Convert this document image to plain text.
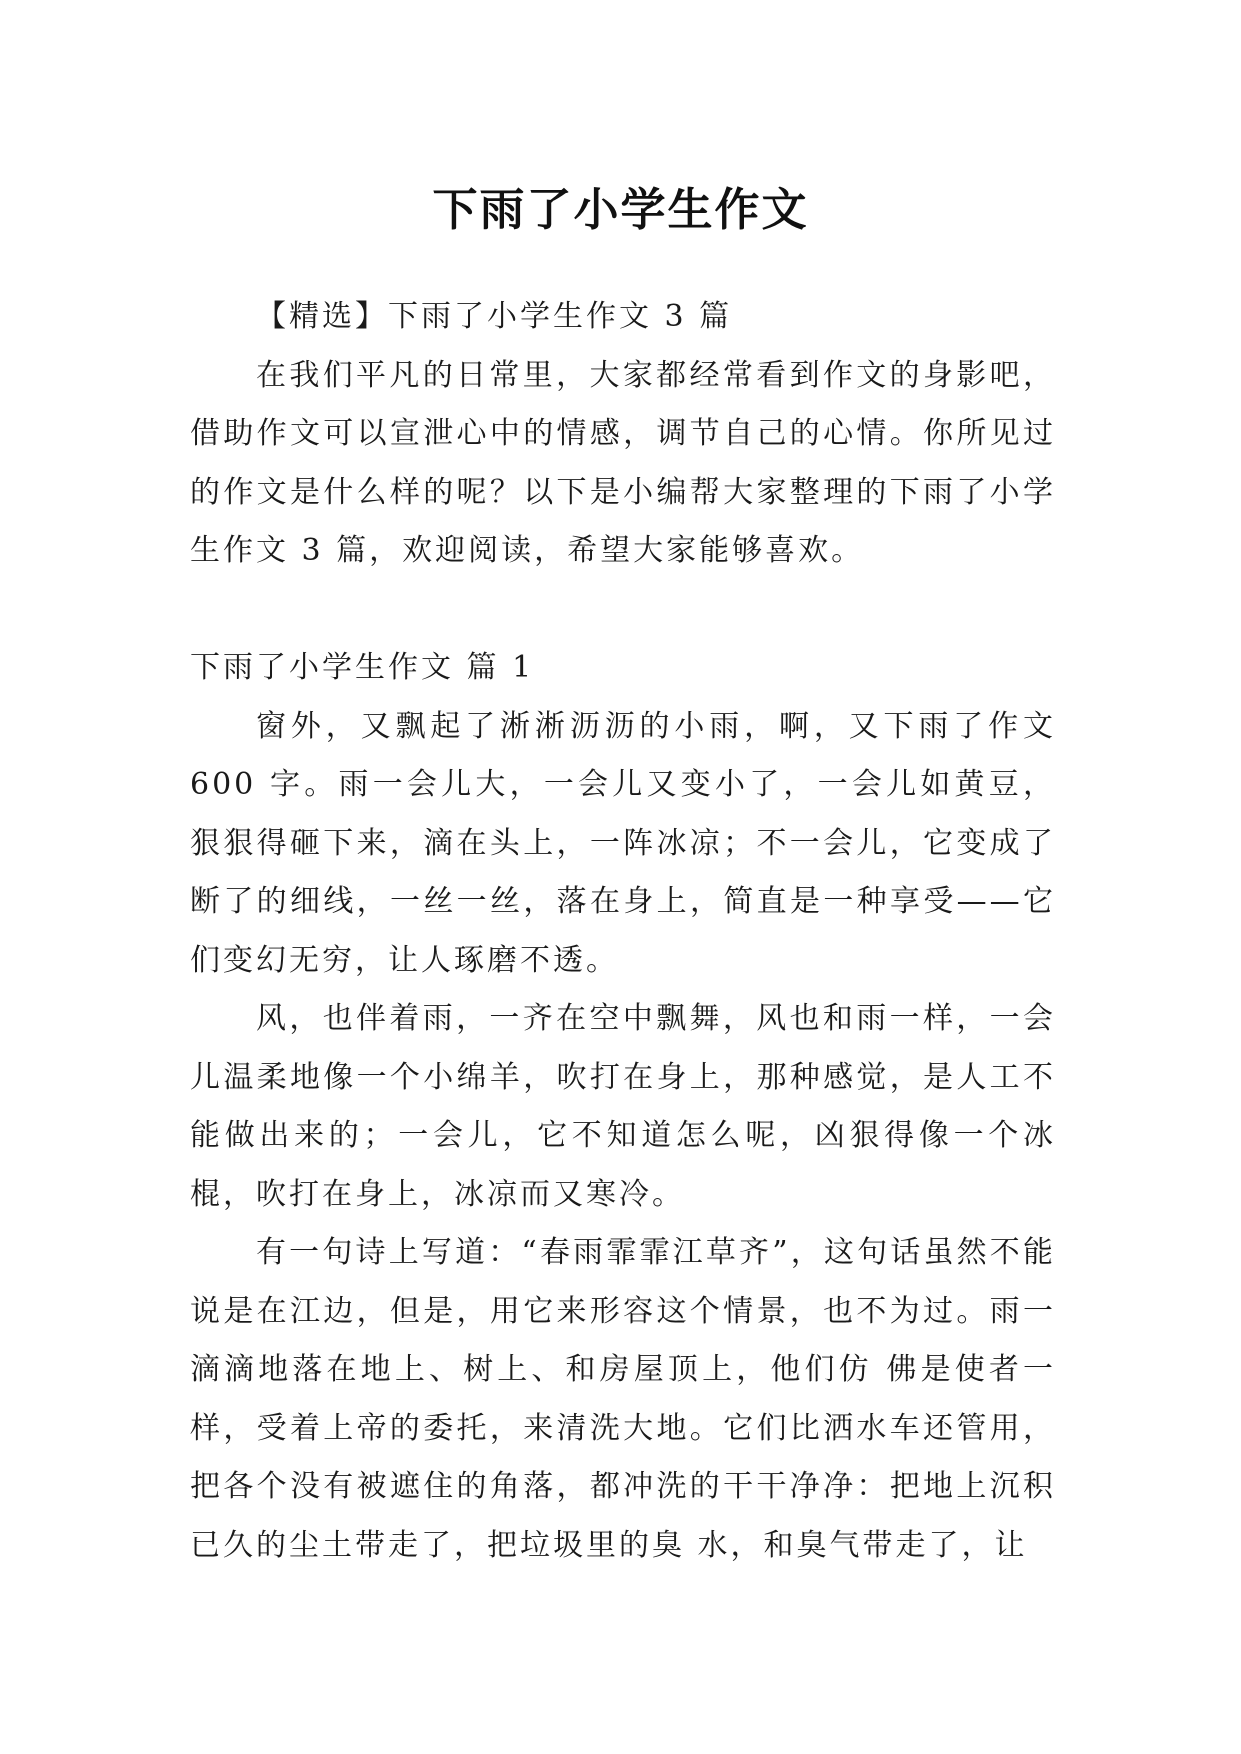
下雨了小学生作文

【精选】下雨了小学生作文 3 篇

在我们平凡的日常里，大家都经常看到作文的身影吧，借助作文可以宣泄心中的情感，调节自己的心情。你所见过的作文是什么样的呢？以下是小编帮大家整理的下雨了小学生作文 3 篇，欢迎阅读，希望大家能够喜欢。

下雨了小学生作文 篇 1

窗外，又飘起了淅淅沥沥的小雨，啊，又下雨了作文 600 字。雨一会儿大，一会儿又变小了，一会儿如黄豆，狠狠得砸下来，滴在头上，一阵冰凉；不一会儿，它变成了断了的细线，一丝一丝，落在身上，简直是一种享受——它们变幻无穷，让人琢磨不透。

风，也伴着雨，一齐在空中飘舞，风也和雨一样，一会儿温柔地像一个小绵羊，吹打在身上，那种感觉，是人工不能做出来的；一会儿，它不知道怎么呢，凶狠得像一个冰棍，吹打在身上，冰凉而又寒冷。

有一句诗上写道：“春雨霏霏江草齐”，这句话虽然不能说是在江边，但是，用它来形容这个情景，也不为过。雨一滴滴地落在地上、树上、和房屋顶上，他们仿 佛是使者一样，受着上帝的委托，来清洗大地。它们比洒水车还管用，把各个没有被遮住的角落，都冲洗的干干净净：把地上沉积已久的尘土带走了，把垃圾里的臭 水，和臭气带走了，让
